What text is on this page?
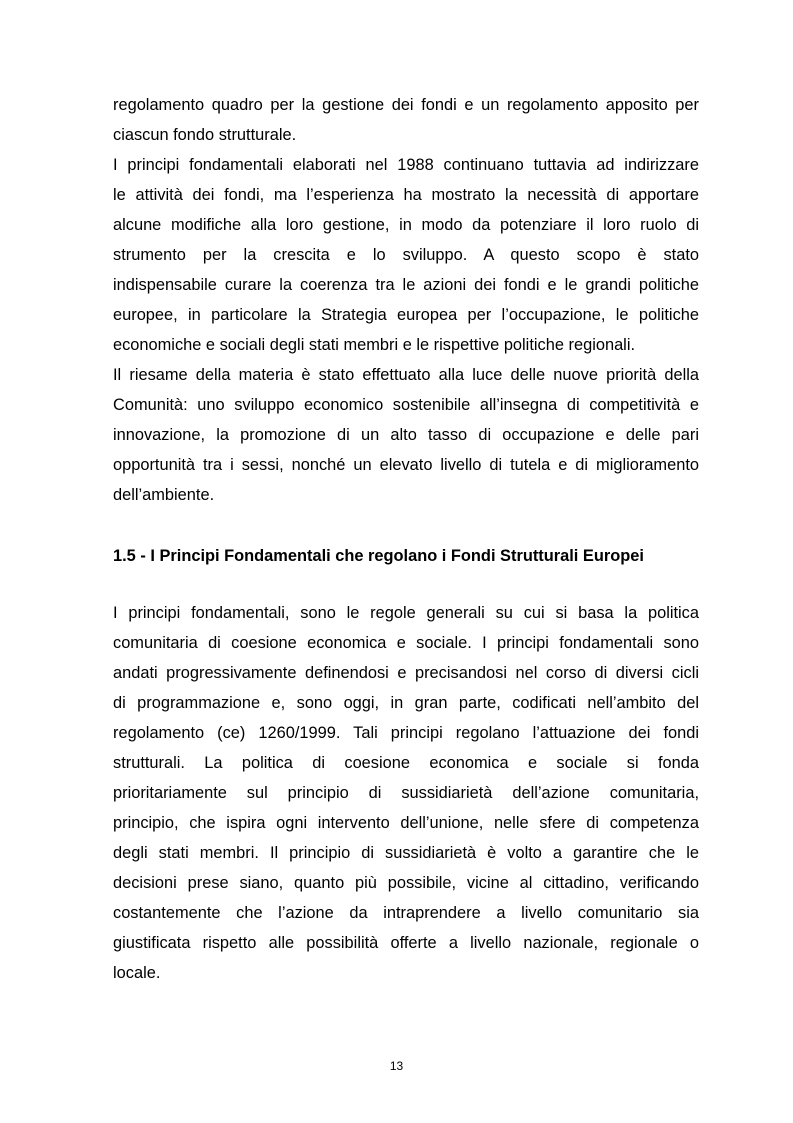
regolamento quadro per la gestione dei fondi e un regolamento apposito per
ciascun fondo strutturale.
I principi fondamentali elaborati nel 1988 continuano tuttavia ad indirizzare
le attività dei fondi, ma l’esperienza ha mostrato la necessità di apportare
alcune modifiche alla loro gestione, in modo da potenziare il loro ruolo di
strumento per la crescita e lo sviluppo. A questo scopo è stato
indispensabile curare la coerenza tra le azioni dei fondi e le grandi politiche
europee, in particolare la Strategia europea per l’occupazione, le politiche
economiche e sociali degli stati membri e le rispettive politiche regionali.
Il riesame della materia è stato effettuato alla luce delle nuove priorità della
Comunità: uno sviluppo economico sostenibile all’insegna di competitività e
innovazione, la promozione di un alto tasso di occupazione e delle pari
opportunità tra i sessi, nonché un elevato livello di tutela e di miglioramento
dell’ambiente.
1.5 - I Principi Fondamentali che regolano i Fondi Strutturali Europei
I principi fondamentali, sono le regole generali su cui si basa la politica
comunitaria di coesione economica e sociale. I principi fondamentali sono
andati progressivamente definendosi e precisandosi nel corso di diversi cicli
di programmazione e, sono oggi, in gran parte, codificati nell’ambito del
regolamento (ce) 1260/1999. Tali principi regolano l’attuazione dei fondi
strutturali. La politica di coesione economica e sociale si fonda
prioritariamente sul principio di sussidiarietà dell’azione comunitaria,
principio, che ispira ogni intervento dell’unione, nelle sfere di competenza
degli stati membri. Il principio di sussidiarietà è volto a garantire che le
decisioni prese siano, quanto più possibile, vicine al cittadino, verificando
costantemente che l’azione da intraprendere a livello comunitario sia
giustificata rispetto alle possibilità offerte a livello nazionale, regionale o
locale.
13
